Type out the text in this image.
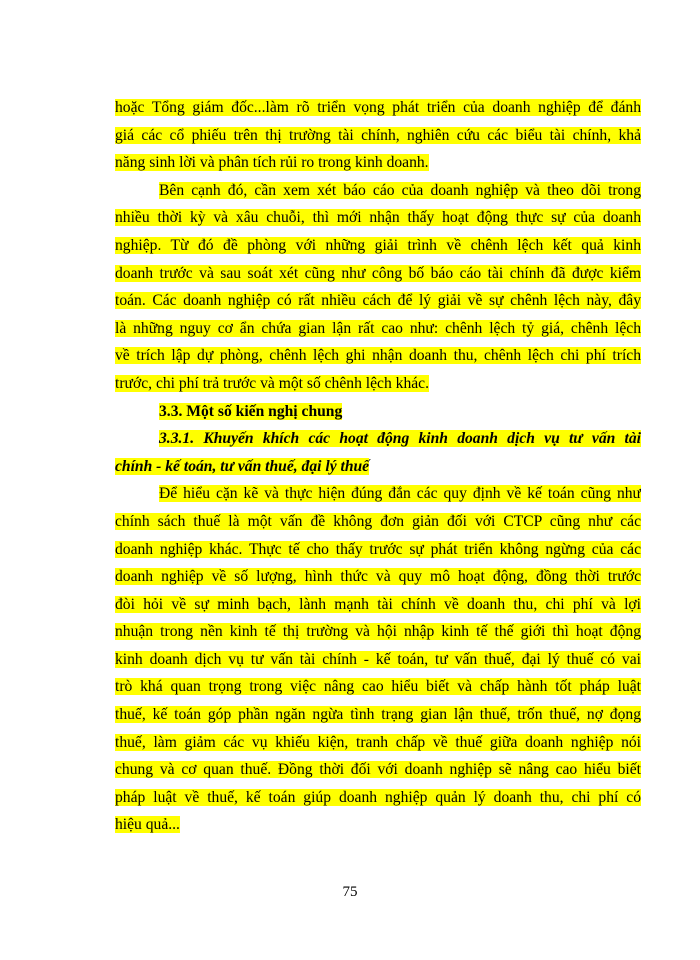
hoặc Tổng giám đốc...làm rõ triển vọng phát triển của doanh nghiệp để đánh
giá các cổ phiếu trên thị trường tài chính, nghiên cứu các biểu tài chính, khả
năng sinh lời và phân tích rủi ro trong kinh doanh.
Bên cạnh đó, cần xem xét báo cáo của doanh nghiệp và theo dõi trong
nhiều thời kỳ và xâu chuỗi, thì mới nhận thấy hoạt động thực sự của doanh
nghiệp. Từ đó đề phòng với những giải trình về chênh lệch kết quả kinh
doanh trước và sau soát xét cũng như công bố báo cáo tài chính đã được kiểm
toán. Các doanh nghiệp có rất nhiều cách để lý giải về sự chênh lệch này, đây
là những nguy cơ ẩn chứa gian lận rất cao như: chênh lệch tỷ giá, chênh lệch
về trích lập dự phòng, chênh lệch ghi nhận doanh thu, chênh lệch chi phí trích
trước, chi phí trả trước và một số chênh lệch khác.
3.3. Một số kiến nghị chung
3.3.1. Khuyến khích các hoạt động kinh doanh dịch vụ tư vấn tài
chính - kế toán, tư vấn thuế, đại lý thuế
Để hiểu cặn kẽ và thực hiện đúng đắn các quy định về kế toán cũng như
chính sách thuế là một vấn đề không đơn giản đối với CTCP cũng như các
doanh nghiệp khác. Thực tế cho thấy trước sự phát triển không ngừng của các
doanh nghiệp về số lượng, hình thức và quy mô hoạt động, đồng thời trước
đòi hỏi về sự minh bạch, lành mạnh tài chính về doanh thu, chi phí và lợi
nhuận trong nền kinh tế thị trường và hội nhập kinh tế thế giới thì hoạt động
kinh doanh dịch vụ tư vấn tài chính - kế toán, tư vấn thuế, đại lý thuế có vai
trò khá quan trọng trong việc nâng cao hiểu biết và chấp hành tốt pháp luật
thuế, kế toán góp phần ngăn ngừa tình trạng gian lận thuế, trốn thuế, nợ đọng
thuế, làm giảm các vụ khiếu kiện, tranh chấp về thuế giữa doanh nghiệp nói
chung và cơ quan thuế. Đồng thời đối với doanh nghiệp sẽ nâng cao hiểu biết
pháp luật về thuế, kế toán giúp doanh nghiệp quản lý doanh thu, chi phí có
hiệu quả...
75
